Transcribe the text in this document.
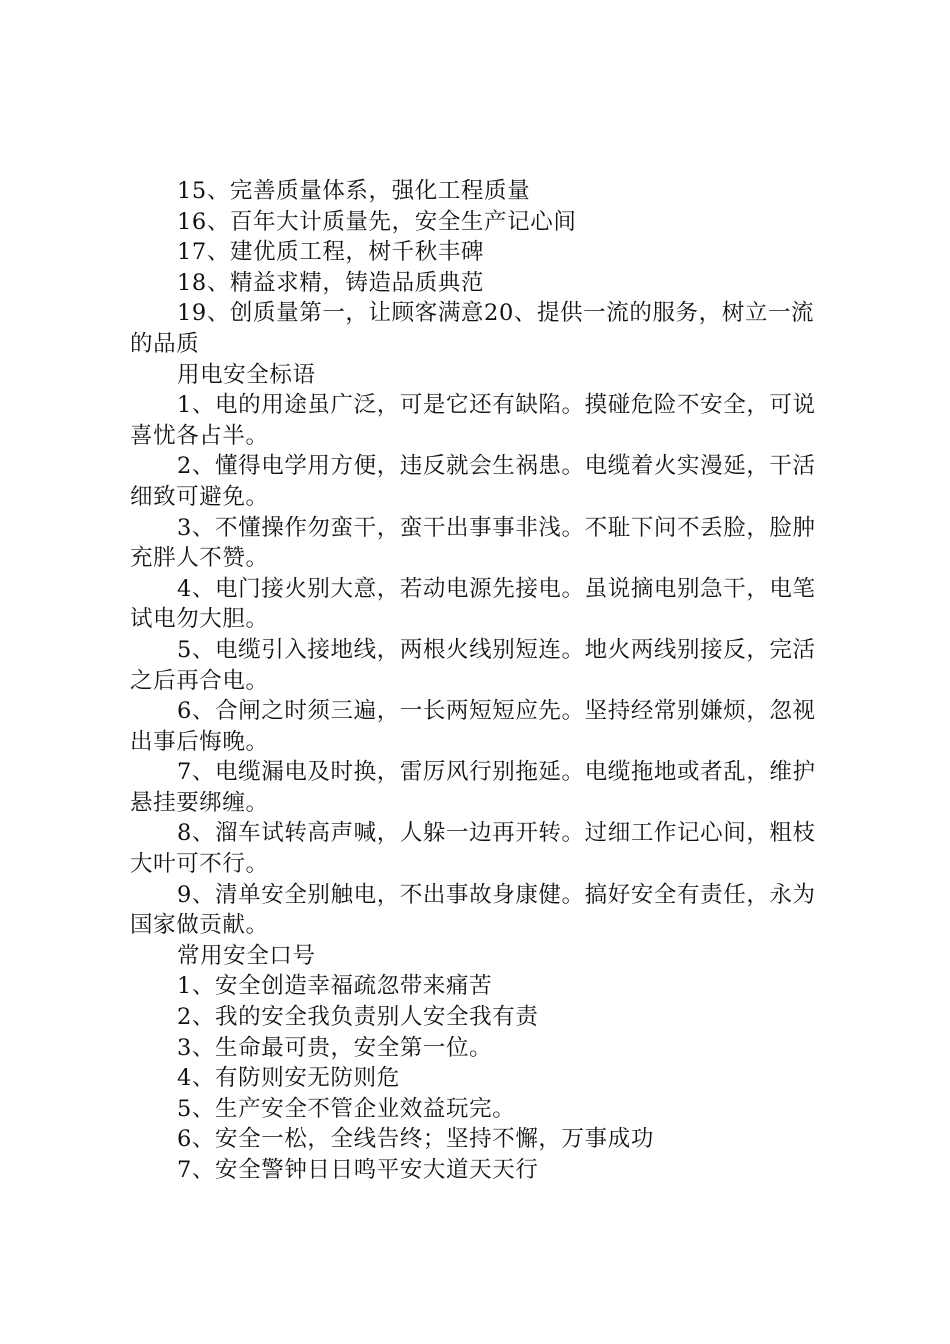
15、完善质量体系，强化工程质量

16、百年大计质量先，安全生产记心间

17、建优质工程，树千秋丰碑

18、精益求精，铸造品质典范

19、创质量第一，让顾客满意20、提供一流的服务，树立一流的品质

用电安全标语

1、电的用途虽广泛，可是它还有缺陷。摸碰危险不安全，可说喜忧各占半。

2、懂得电学用方便，违反就会生祸患。电缆着火实漫延，干活细致可避免。

3、不懂操作勿蛮干，蛮干出事事非浅。不耻下问不丢脸，脸肿充胖人不赞。

4、电门接火别大意，若动电源先接电。虽说摘电别急干，电笔试电勿大胆。

5、电缆引入接地线，两根火线别短连。地火两线别接反，完活之后再合电。

6、合闸之时须三遍，一长两短短应先。坚持经常别嫌烦，忽视出事后悔晚。

7、电缆漏电及时换，雷厉风行别拖延。电缆拖地或者乱，维护悬挂要绑缠。

8、溜车试转高声喊，人躲一边再开转。过细工作记心间，粗枝大叶可不行。

9、清单安全别触电，不出事故身康健。搞好安全有责任，永为国家做贡献。

常用安全口号

1、安全创造幸福疏忽带来痛苦

2、我的安全我负责别人安全我有责

3、生命最可贵，安全第一位。

4、有防则安无防则危

5、生产安全不管企业效益玩完。

6、安全一松，全线告终；坚持不懈，万事成功

7、安全警钟日日鸣平安大道天天行
